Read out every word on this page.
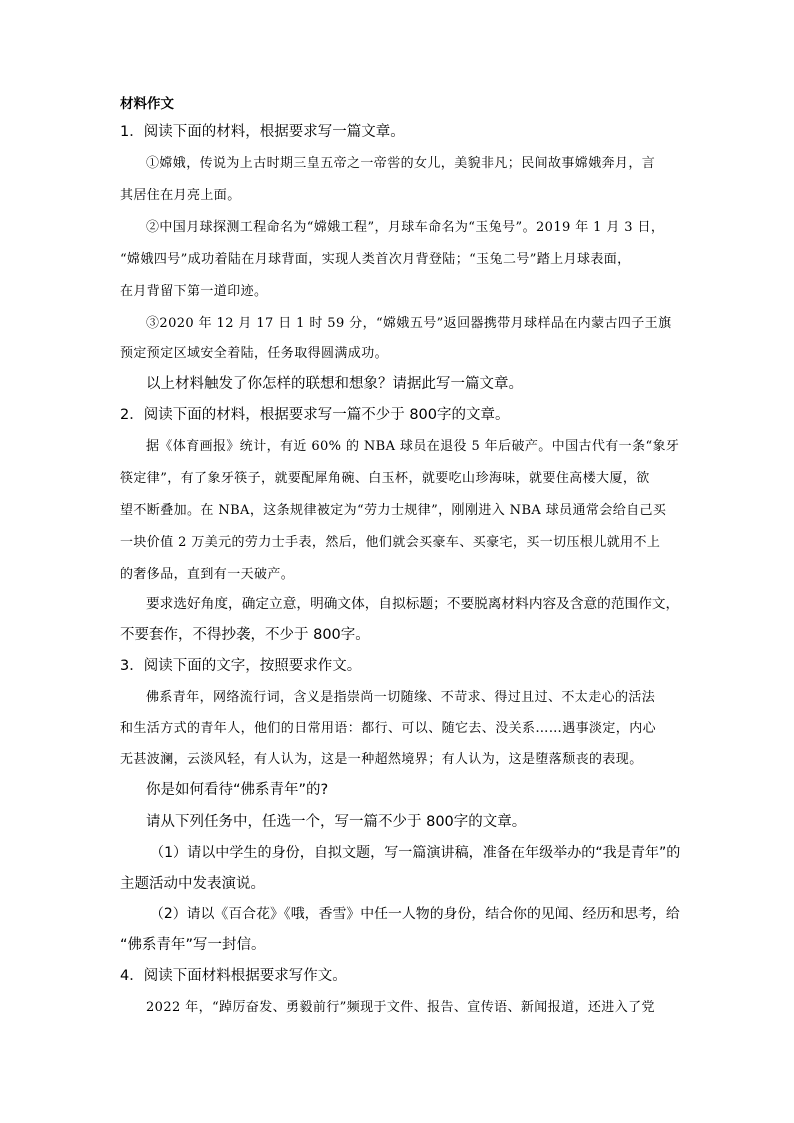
材料作文
1．阅读下面的材料，根据要求写一篇文章。
①嫦娥，传说为上古时期三皇五帝之一帝喾的女儿，美貌非凡；民间故事嫦娥奔月，言
其居住在月亮上面。
②中国月球探测工程命名为“嫦娥工程”，月球车命名为“玉兔号”。2019 年 1 月 3 日，
“嫦娥四号”成功着陆在月球背面，实现人类首次月背登陆；“玉兔二号”踏上月球表面，
在月背留下第一道印迹。
③2020 年 12 月 17 日 1 时 59 分，“嫦娥五号”返回器携带月球样品在内蒙古四子王旗
预定预定区域安全着陆，任务取得圆满成功。
以上材料触发了你怎样的联想和想象？请据此写一篇文章。
2．阅读下面的材料，根据要求写一篇不少于 800字的文章。
据《体育画报》统计，有近 60% 的 NBA 球员在退役 5 年后破产。中国古代有一条“象牙
筷定律”，有了象牙筷子，就要配犀角碗、白玉杯，就要吃山珍海味，就要住高楼大厦，欲
望不断叠加。在 NBA，这条规律被定为“劳力士规律”，刚刚进入 NBA 球员通常会给自己买
一块价值 2 万美元的劳力士手表，然后，他们就会买豪车、买豪宅，买一切压根儿就用不上
的奢侈品，直到有一天破产。
要求选好角度，确定立意，明确文体，自拟标题；不要脱离材料内容及含意的范围作文，
不要套作，不得抄袭，不少于 800字。
3．阅读下面的文字，按照要求作文。
佛系青年，网络流行词，含义是指崇尚一切随缘、不苛求、得过且过、不太走心的活法
和生活方式的青年人，他们的日常用语：都行、可以、随它去、没关系……遇事淡定，内心
无甚波澜，云淡风轻，有人认为，这是一种超然境界；有人认为，这是堕落颓丧的表现。
你是如何看待“佛系青年”的?
请从下列任务中，任选一个，写一篇不少于 800字的文章。
（1）请以中学生的身份，自拟文题，写一篇演讲稿，准备在年级举办的“我是青年”的
主题活动中发表演说。
（2）请以《百合花》《哦，香雪》中任一人物的身份，结合你的见闻、经历和思考，给
“佛系青年”写一封信。
4．阅读下面材料根据要求写作文。
2022 年，“踔厉奋发、勇毅前行”频现于文件、报告、宣传语、新闻报道，还进入了党
